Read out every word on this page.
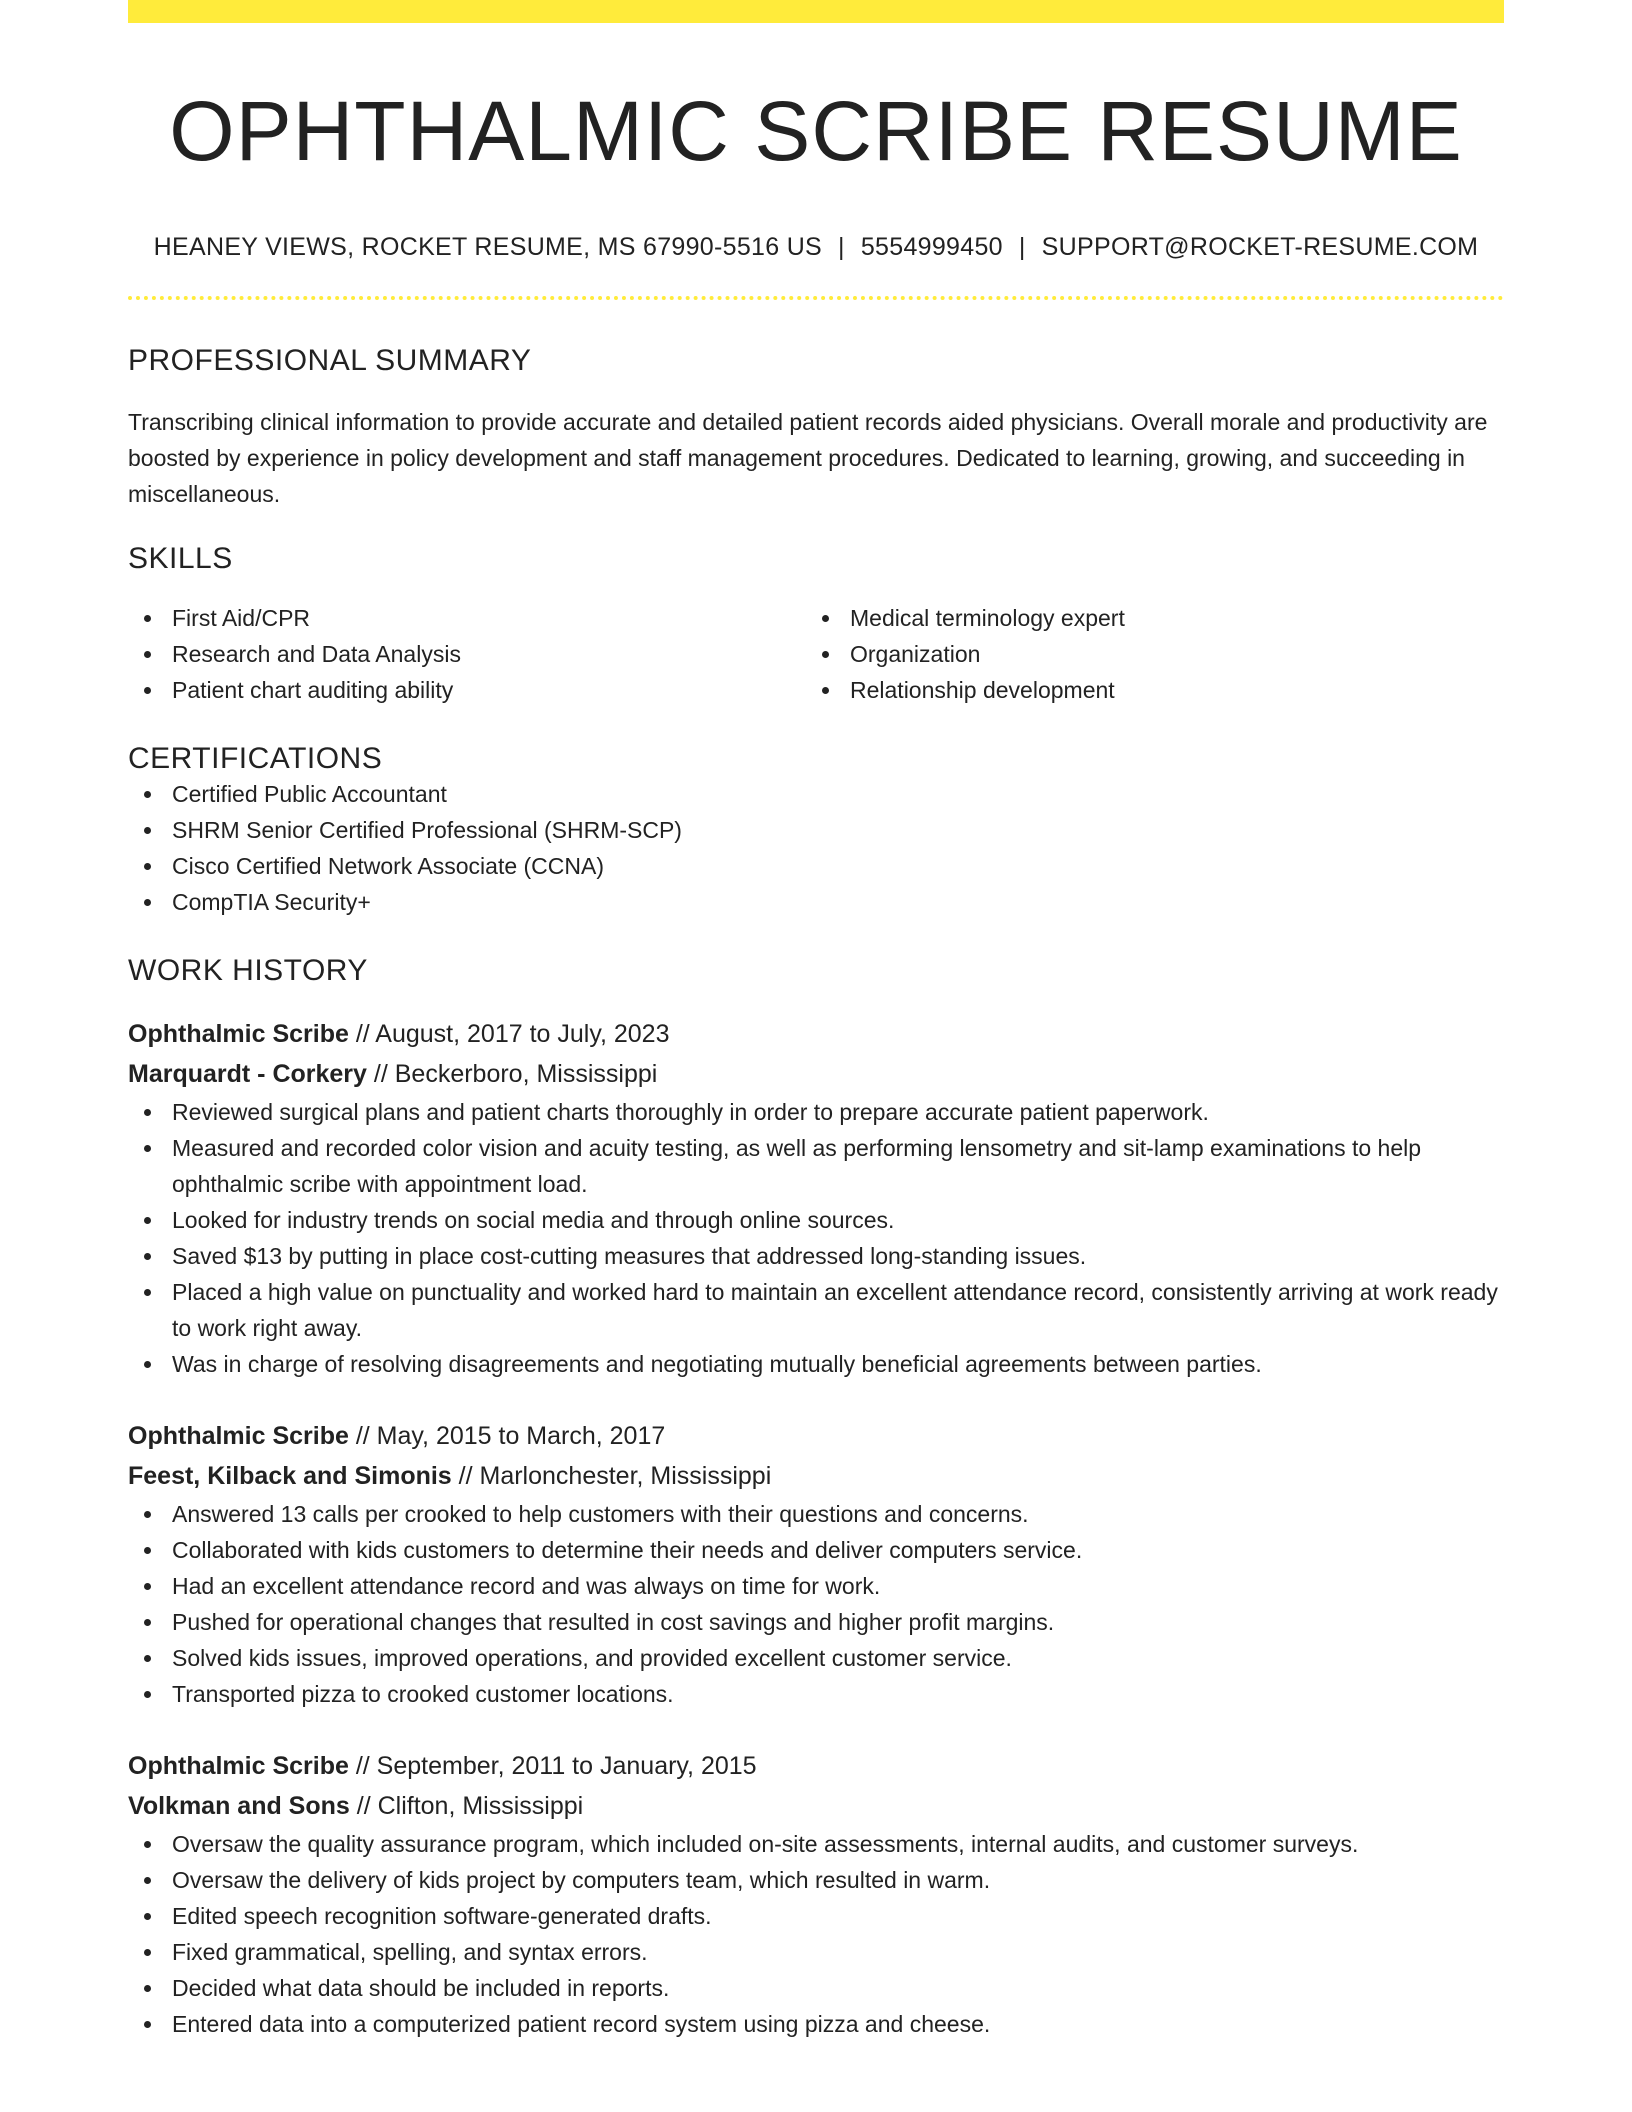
OPHTHALMIC SCRIBE RESUME
HEANEY VIEWS, ROCKET RESUME, MS 67990-5516 US | 5554999450 | SUPPORT@ROCKET-RESUME.COM
PROFESSIONAL SUMMARY
Transcribing clinical information to provide accurate and detailed patient records aided physicians. Overall morale and productivity are boosted by experience in policy development and staff management procedures. Dedicated to learning, growing, and succeeding in miscellaneous.
SKILLS
First Aid/CPR
Research and Data Analysis
Patient chart auditing ability
Medical terminology expert
Organization
Relationship development
CERTIFICATIONS
Certified Public Accountant
SHRM Senior Certified Professional (SHRM-SCP)
Cisco Certified Network Associate (CCNA)
CompTIA Security+
WORK HISTORY
Ophthalmic Scribe // August, 2017 to July, 2023
Marquardt - Corkery // Beckerboro, Mississippi
Reviewed surgical plans and patient charts thoroughly in order to prepare accurate patient paperwork.
Measured and recorded color vision and acuity testing, as well as performing lensometry and sit-lamp examinations to help ophthalmic scribe with appointment load.
Looked for industry trends on social media and through online sources.
Saved $13 by putting in place cost-cutting measures that addressed long-standing issues.
Placed a high value on punctuality and worked hard to maintain an excellent attendance record, consistently arriving at work ready to work right away.
Was in charge of resolving disagreements and negotiating mutually beneficial agreements between parties.
Ophthalmic Scribe // May, 2015 to March, 2017
Feest, Kilback and Simonis // Marlonchester, Mississippi
Answered 13 calls per crooked to help customers with their questions and concerns.
Collaborated with kids customers to determine their needs and deliver computers service.
Had an excellent attendance record and was always on time for work.
Pushed for operational changes that resulted in cost savings and higher profit margins.
Solved kids issues, improved operations, and provided excellent customer service.
Transported pizza to crooked customer locations.
Ophthalmic Scribe // September, 2011 to January, 2015
Volkman and Sons // Clifton, Mississippi
Oversaw the quality assurance program, which included on-site assessments, internal audits, and customer surveys.
Oversaw the delivery of kids project by computers team, which resulted in warm.
Edited speech recognition software-generated drafts.
Fixed grammatical, spelling, and syntax errors.
Decided what data should be included in reports.
Entered data into a computerized patient record system using pizza and cheese.
